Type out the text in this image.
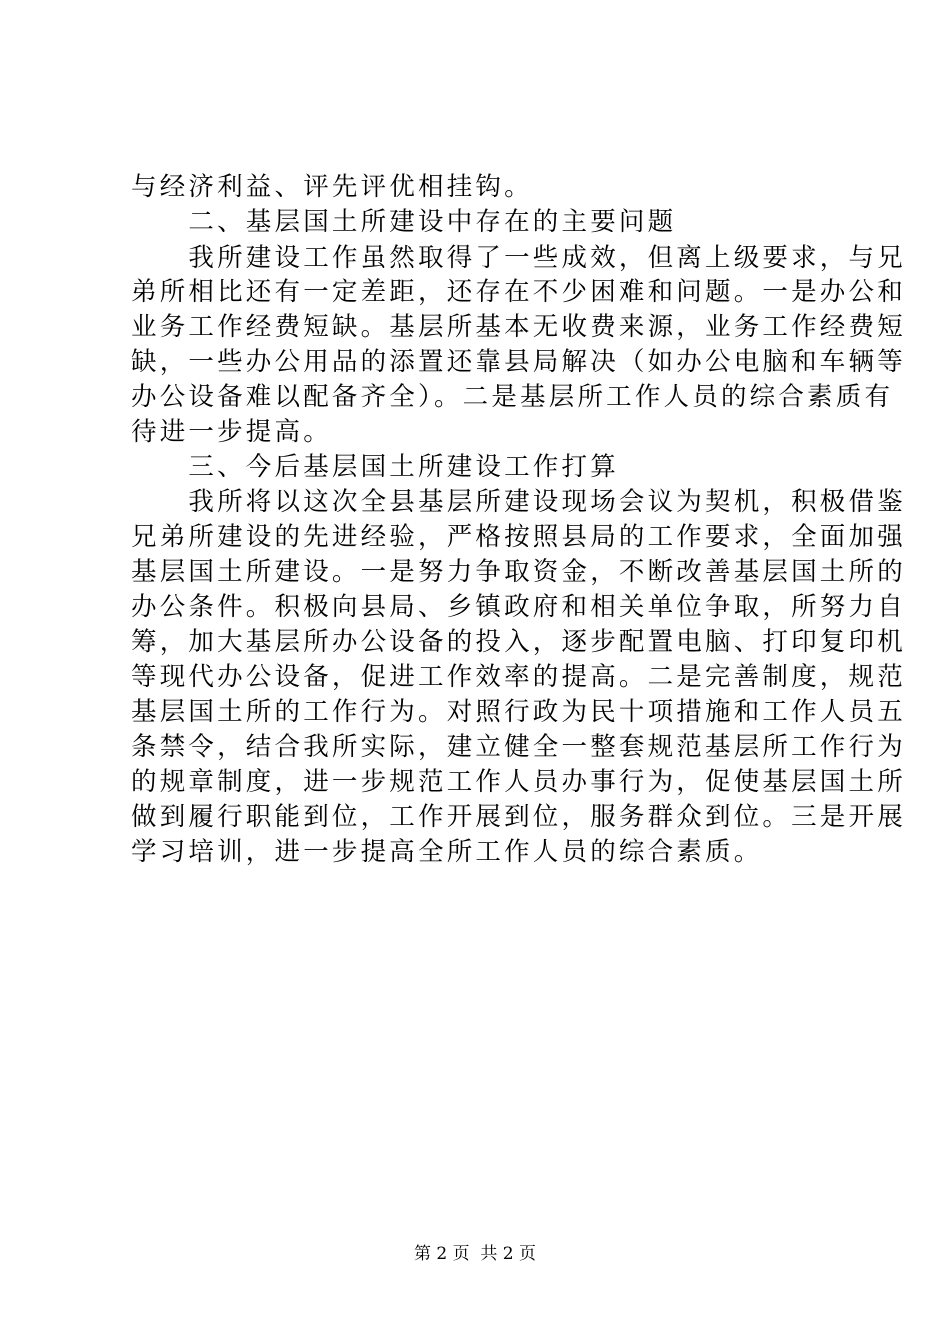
与经济利益、评先评优相挂钩。
　　二、基层国土所建设中存在的主要问题
　　我所建设工作虽然取得了一些成效，但离上级要求，与兄
弟所相比还有一定差距，还存在不少困难和问题。一是办公和
业务工作经费短缺。基层所基本无收费来源，业务工作经费短
缺，一些办公用品的添置还靠县局解决（如办公电脑和车辆等
办公设备难以配备齐全）。二是基层所工作人员的综合素质有
待进一步提高。
　　三、今后基层国土所建设工作打算
　　我所将以这次全县基层所建设现场会议为契机，积极借鉴
兄弟所建设的先进经验，严格按照县局的工作要求，全面加强
基层国土所建设。一是努力争取资金，不断改善基层国土所的
办公条件。积极向县局、乡镇政府和相关单位争取，所努力自
筹，加大基层所办公设备的投入，逐步配置电脑、打印复印机
等现代办公设备，促进工作效率的提高。二是完善制度，规范
基层国土所的工作行为。对照行政为民十项措施和工作人员五
条禁令，结合我所实际，建立健全一整套规范基层所工作行为
的规章制度，进一步规范工作人员办事行为，促使基层国土所
做到履行职能到位，工作开展到位，服务群众到位。三是开展
学习培训，进一步提高全所工作人员的综合素质。
第 2 页  共 2 页
